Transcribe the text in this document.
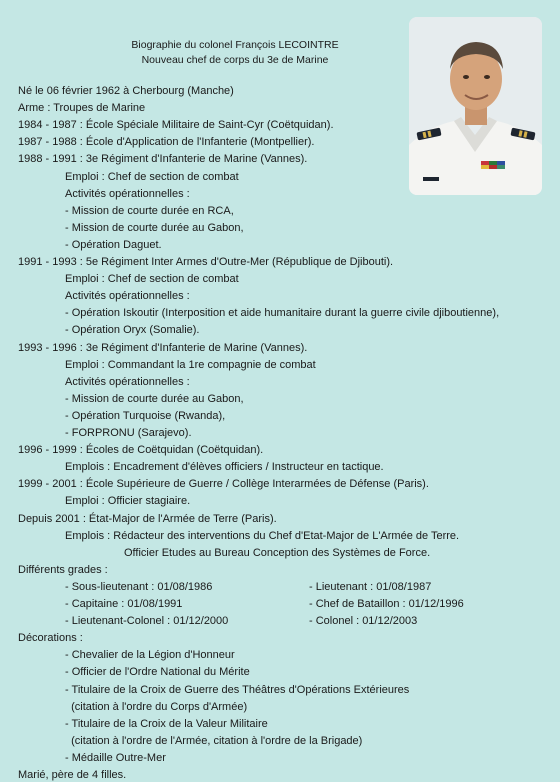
Biographie du colonel François LECOINTRE
Nouveau chef de corps du 3e de Marine
Né le 06 février 1962 à Cherbourg (Manche)
Arme : Troupes de Marine
1984 - 1987 : École Spéciale Militaire de Saint-Cyr (Coëtquidan).
1987 - 1988 : École d'Application de l'Infanterie (Montpellier).
1988 - 1991 : 3e Régiment d'Infanterie de Marine (Vannes).
Emploi : Chef de section de combat
Activités opérationnelles :
- Mission de courte durée en RCA,
- Mission de courte durée au Gabon,
- Opération Daguet.
1991 - 1993 : 5e Régiment Inter Armes d'Outre-Mer (République de Djibouti).
Emploi : Chef de section de combat
Activités opérationnelles :
- Opération Iskoutir (Interposition et aide humanitaire durant la guerre civile djiboutienne),
- Opération Oryx (Somalie).
1993 - 1996 : 3e Régiment d'Infanterie de Marine (Vannes).
Emploi : Commandant la 1re compagnie de combat
Activités opérationnelles :
- Mission de courte durée au Gabon,
- Opération Turquoise (Rwanda),
- FORPRONU (Sarajevo).
1996 - 1999 : Écoles de Coëtquidan (Coëtquidan).
Emplois : Encadrement d'élèves officiers / Instructeur en tactique.
1999 - 2001 : École Supérieure de Guerre / Collège Interarmées de Défense (Paris).
Emploi : Officier stagiaire.
Depuis 2001 : État-Major de l'Armée de Terre (Paris).
Emplois : Rédacteur des interventions du Chef d'Etat-Major de L'Armée de Terre.
Officier Etudes au Bureau Conception des Systèmes de Force.
Différents grades :
- Sous-lieutenant : 01/08/1986	- Lieutenant : 01/08/1987
- Capitaine : 01/08/1991	- Chef de Bataillon : 01/12/1996
- Lieutenant-Colonel : 01/12/2000	- Colonel : 01/12/2003
Décorations :
- Chevalier de la Légion d'Honneur
- Officier de l'Ordre National du Mérite
- Titulaire de la Croix de Guerre des Théâtres d'Opérations Extérieures
(citation à l'ordre du Corps d'Armée)
- Titulaire de la Croix de la Valeur Militaire
(citation à l'ordre de l'Armée, citation à l'ordre de la Brigade)
- Médaille Outre-Mer
Marié, père de 4 filles.
